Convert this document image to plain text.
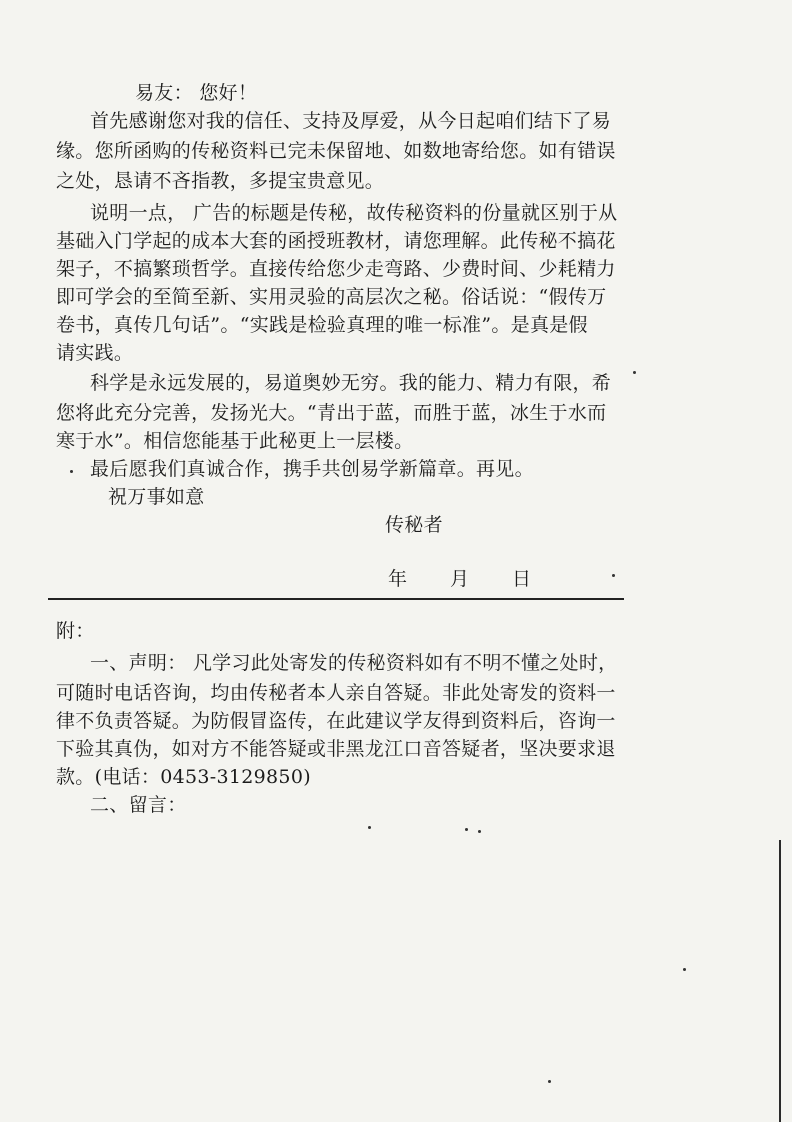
易友： 您好！
首先感谢您对我的信任、支持及厚爱，从今日起咱们结下了易
缘。您所函购的传秘资料已完未保留地、如数地寄给您。如有错误
之处，恳请不吝指教，多提宝贵意见。
说明一点， 广告的标题是传秘，故传秘资料的份量就区别于从
基础入门学起的成本大套的函授班教材，请您理解。此传秘不搞花
架子，不搞繁琐哲学。直接传给您少走弯路、少费时间、少耗精力
即可学会的至简至新、实用灵验的高层次之秘。俗话说：“假传万
卷书，真传几句话”。“实践是检验真理的唯一标准”。是真是假
请实践。
科学是永远发展的，易道奥妙无穷。我的能力、精力有限，希
您将此充分完善，发扬光大。“青出于蓝，而胜于蓝，冰生于水而
寒于水”。相信您能基于此秘更上一层楼。
最后愿我们真诚合作，携手共创易学新篇章。再见。
祝万事如意
传秘者
年 月 日
附：
一、声明： 凡学习此处寄发的传秘资料如有不明不懂之处时，
可随时电话咨询，均由传秘者本人亲自答疑。非此处寄发的资料一
律不负责答疑。为防假冒盗传，在此建议学友得到资料后，咨询一
下验其真伪，如对方不能答疑或非黑龙江口音答疑者，坚决要求退
款。(电话：0453-3129850)
二、留言：
